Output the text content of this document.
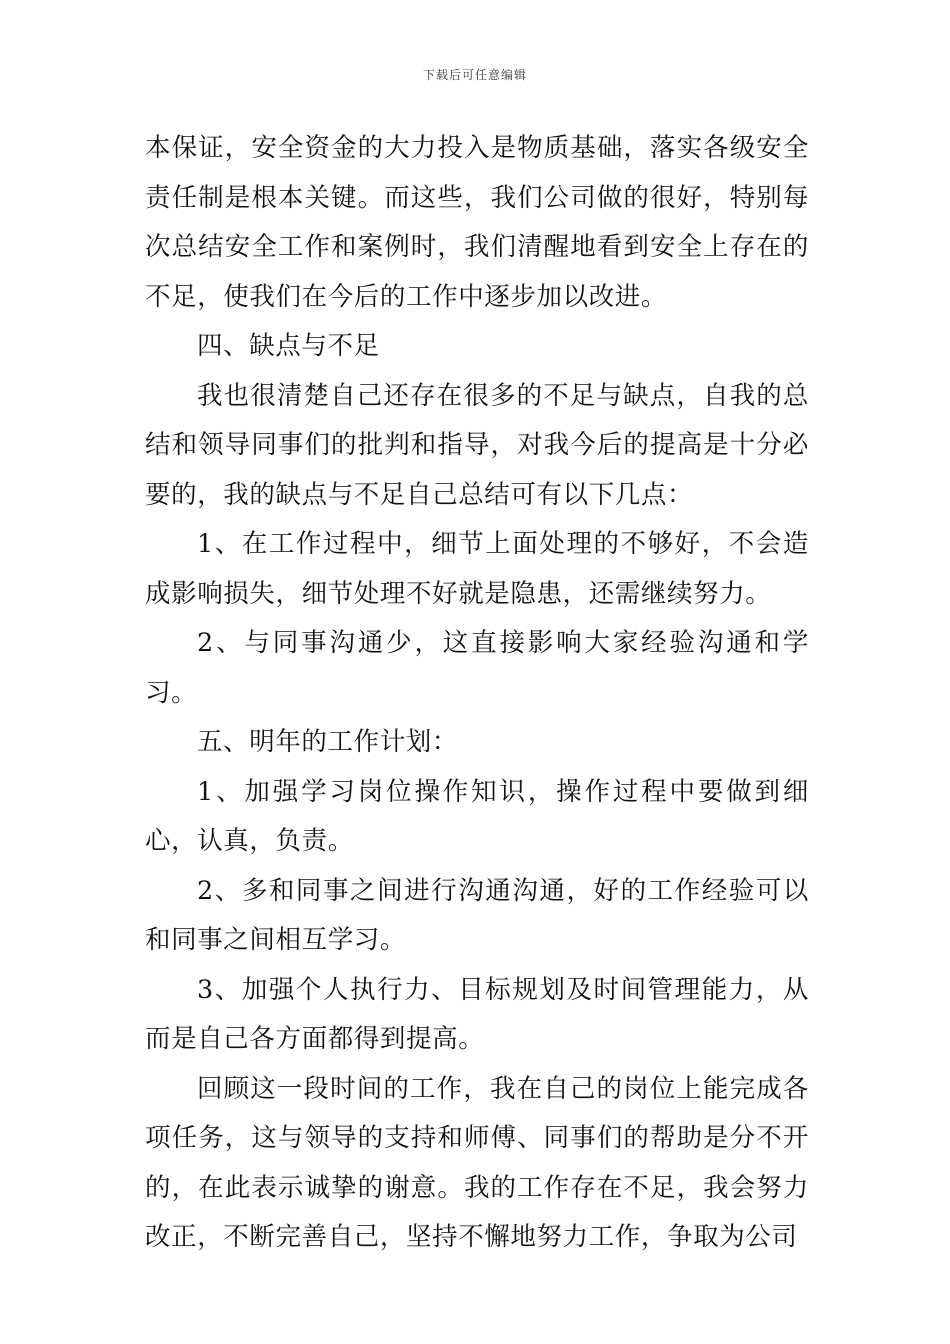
下载后可任意编辑

本保证，安全资金的大力投入是物质基础，落实各级安全责任制是根本关键。而这些，我们公司做的很好，特别每次总结安全工作和案例时，我们清醒地看到安全上存在的不足，使我们在今后的工作中逐步加以改进。

四、缺点与不足

我也很清楚自己还存在很多的不足与缺点，自我的总结和领导同事们的批判和指导，对我今后的提高是十分必要的，我的缺点与不足自己总结可有以下几点：

1、在工作过程中，细节上面处理的不够好，不会造成影响损失，细节处理不好就是隐患，还需继续努力。

2、与同事沟通少，这直接影响大家经验沟通和学习。

五、明年的工作计划：

1、加强学习岗位操作知识，操作过程中要做到细心，认真，负责。

2、多和同事之间进行沟通沟通，好的工作经验可以和同事之间相互学习。

3、加强个人执行力、目标规划及时间管理能力，从而是自己各方面都得到提高。

回顾这一段时间的工作，我在自己的岗位上能完成各项任务，这与领导的支持和师傅、同事们的帮助是分不开的，在此表示诚挚的谢意。我的工作存在不足，我会努力改正，不断完善自己，坚持不懈地努力工作，争取为公司
